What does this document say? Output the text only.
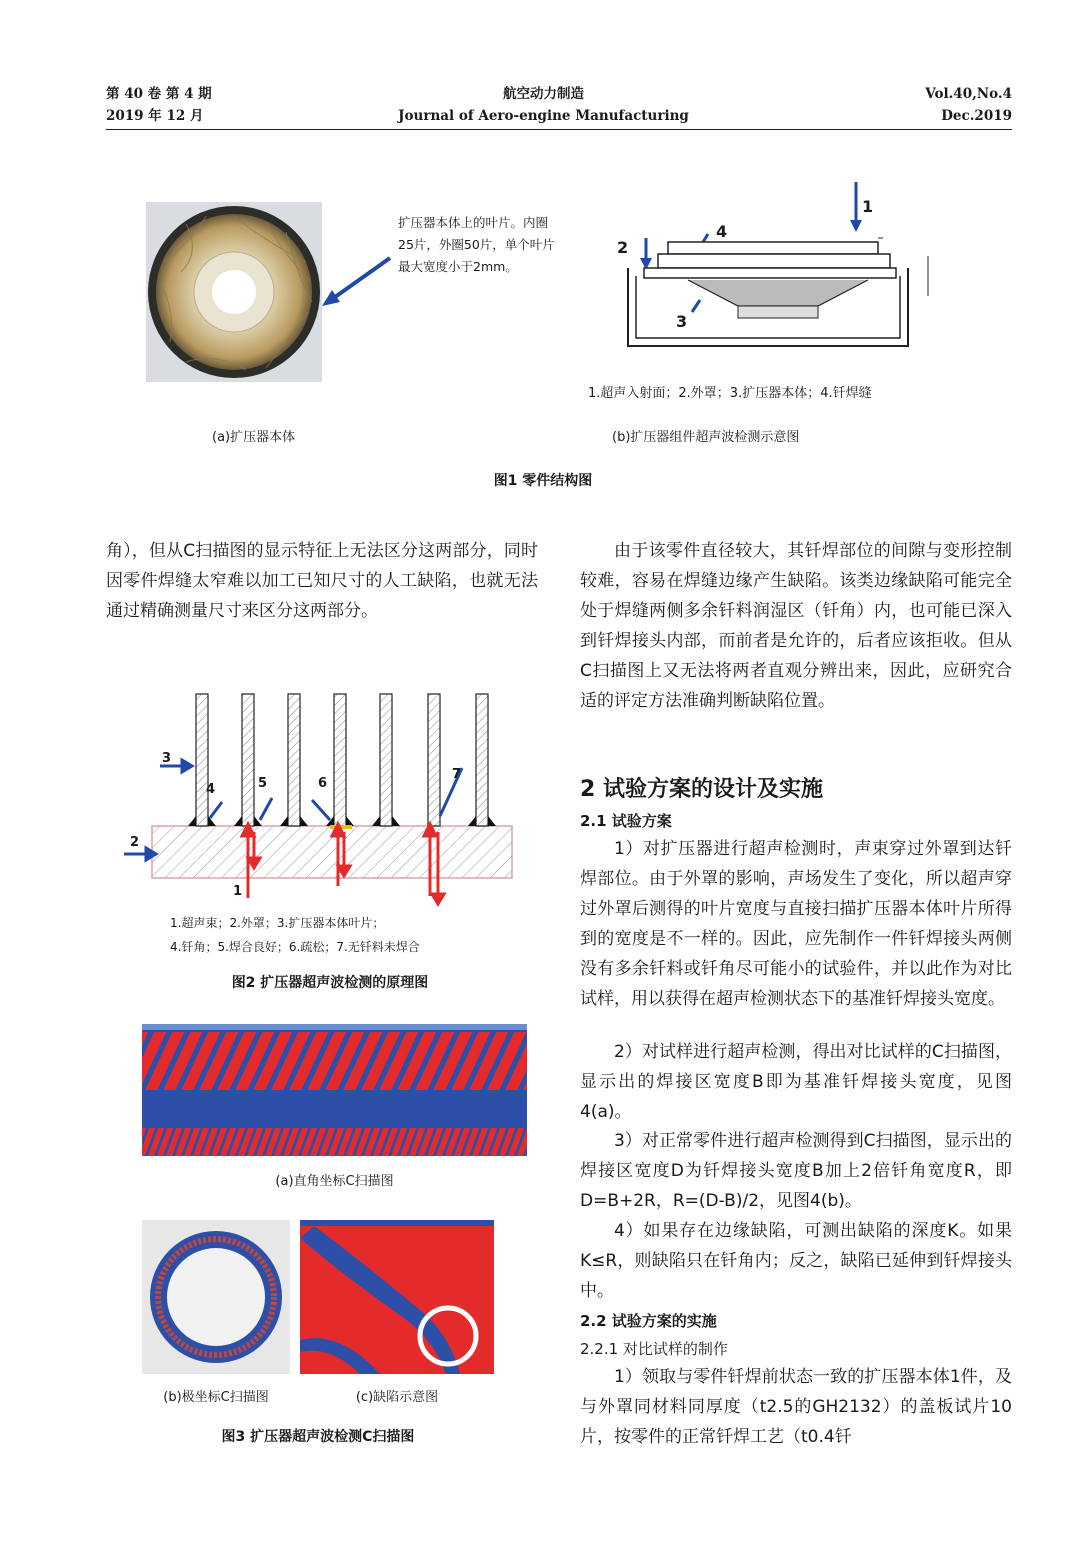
第 40 卷 第 4 期
2019 年 12 月
航空动力制造
Journal of Aero-engine Manufacturing
Vol.40,No.4
Dec.2019
扩压器本体上的叶片。内圈25片，外圈50片，单个叶片最大宽度小于2mm。
1
2
3
4
1.超声入射面；2.外罩；3.扩压器本体；4.钎焊缝
(a)扩压器本体	(b)扩压器组件超声波检测示意图
图1 零件结构图

角），但从C扫描图的显示特征上无法区分这两部分，同时因零件焊缝太窄难以加工已知尺寸的人工缺陷，也就无法通过精确测量尺寸来区分这两部分。

3
2
4	5	6
7
1
1.超声束；2.外罩；3.扩压器本体叶片；
4.钎角；5.焊合良好；6.疏松；7.无钎料未焊合
图2 扩压器超声波检测的原理图
(a)直角坐标C扫描图
(b)极坐标C扫描图	(c)缺陷示意图
图3 扩压器超声波检测C扫描图

由于该零件直径较大，其钎焊部位的间隙与变形控制较难，容易在焊缝边缘产生缺陷。该类边缘缺陷可能完全处于焊缝两侧多余钎料润湿区（钎角）内，也可能已深入到钎焊接头内部，而前者是允许的，后者应该拒收。但从C扫描图上又无法将两者直观分辨出来，因此，应研究合适的评定方法准确判断缺陷位置。

2 试验方案的设计及实施
2.1 试验方案

1）对扩压器进行超声检测时，声束穿过外罩到达钎焊部位。由于外罩的影响，声场发生了变化，所以超声穿过外罩后测得的叶片宽度与直接扫描扩压器本体叶片所得到的宽度是不一样的。因此，应先制作一件钎焊接头两侧没有多余钎料或钎角尽可能小的试验件，并以此作为对比试样，用以获得在超声检测状态下的基准钎焊接头宽度。

2）对试样进行超声检测，得出对比试样的C扫描图，显示出的焊接区宽度B即为基准钎焊接头宽度，见图4(a)。

3）对正常零件进行超声检测得到C扫描图，显示出的焊接区宽度D为钎焊接头宽度B加上2倍钎角宽度R，即D=B+2R，R=(D-B)/2，见图4(b)。

4）如果存在边缘缺陷，可测出缺陷的深度K。如果K≤R，则缺陷只在钎角内；反之，缺陷已延伸到钎焊接头中。

2.2 试验方案的实施
2.2.1 对比试样的制作

1）领取与零件钎焊前状态一致的扩压器本体1件，及与外罩同材料同厚度（t2.5的GH2132）的盖板试片10片，按零件的正常钎焊工艺（t0.4钎
